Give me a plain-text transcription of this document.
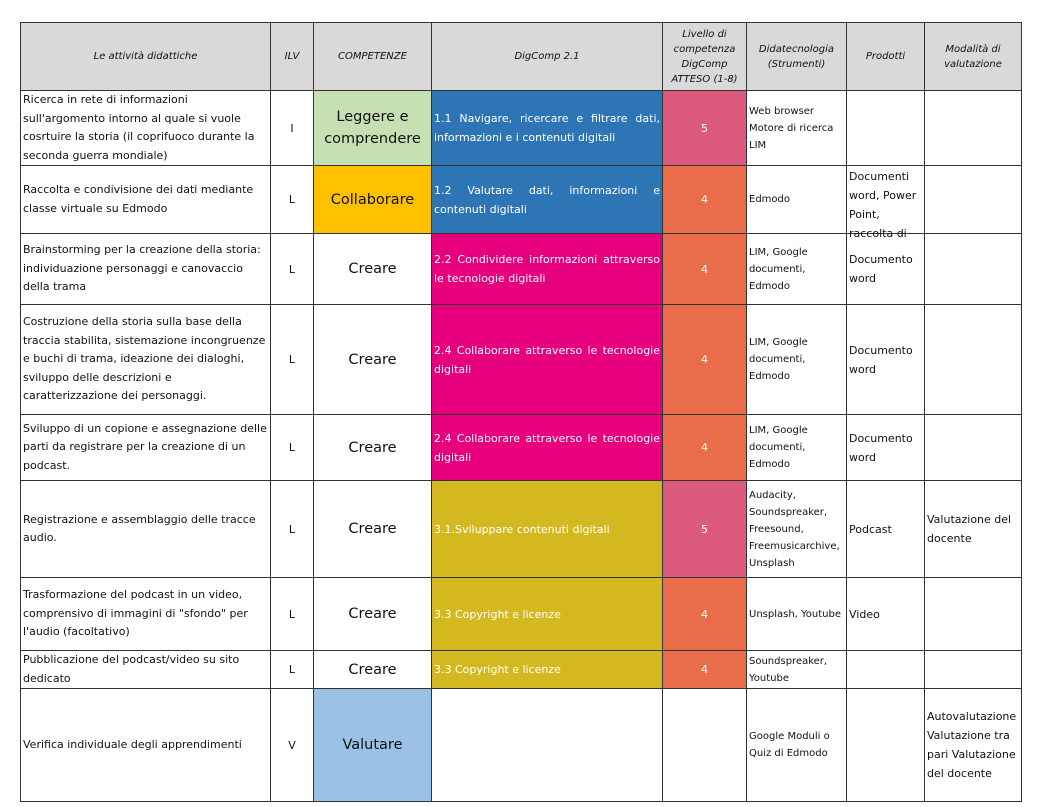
Le attività didattiche	ILV	COMPETENZE	DigComp 2.1	Livello di competenza DigComp ATTESO (1-8)	Didatecnologia (Strumenti)	Prodotti	Modalità di valutazione
Ricerca in rete di informazioni sull'argomento intorno al quale si vuole cosrtuire la storia (il coprifuoco durante la seconda guerra mondiale)	I	Leggere e comprendere	1.1 Navigare, ricercare e filtrare dati, informazioni e i contenuti digitali	5	Web browser Motore di ricerca LIM		
Raccolta e condivisione dei dati mediante classe virtuale su Edmodo	L	Collaborare	1.2 Valutare dati, informazioni e contenuti digitali	4	Edmodo	Documenti word, Power Point, raccolta di	

Brainstorming per la creazione della storia: individuazione personaggi e canovaccio della trama	L	Creare	2.2 Condividere informazioni attraverso le tecnologie digitali	4	LIM, Google documenti, Edmodo	Documento word	
Costruzione della storia sulla base della traccia stabilita, sistemazione incongruenze e buchi di trama, ideazione dei dialoghi, sviluppo delle descrizioni e caratterizzazione dei personaggi.	L	Creare	2.4 Collaborare attraverso le tecnologie digitali	4	LIM, Google documenti, Edmodo	Documento word	
Sviluppo di un copione e assegnazione delle parti da registrare per la creazione di un podcast.	L	Creare	2.4 Collaborare attraverso le tecnologie digitali	4	LIM, Google documenti, Edmodo	Documento word	
Registrazione e assemblaggio delle tracce audio.	L	Creare	3.1.Sviluppare contenuti digitali	5	Audacity, Soundspreaker, Freesound, Freemusicarchive, Unsplash	Podcast	Valutazione del docente
Trasformazione del podcast in un video, comprensivo di immagini di "sfondo" per l'audio (facoltativo)	L	Creare	3.3 Copyright e licenze	4	Unsplash, Youtube	Video	
Pubblicazione del podcast/video su sito dedicato	L	Creare	3.3 Copyright e licenze	4	Soundspreaker, Youtube		
Verifica individuale degli apprendimenti	V	Valutare			Google Moduli o Quiz di Edmodo		Autovalutazione Valutazione tra pari Valutazione del docente
